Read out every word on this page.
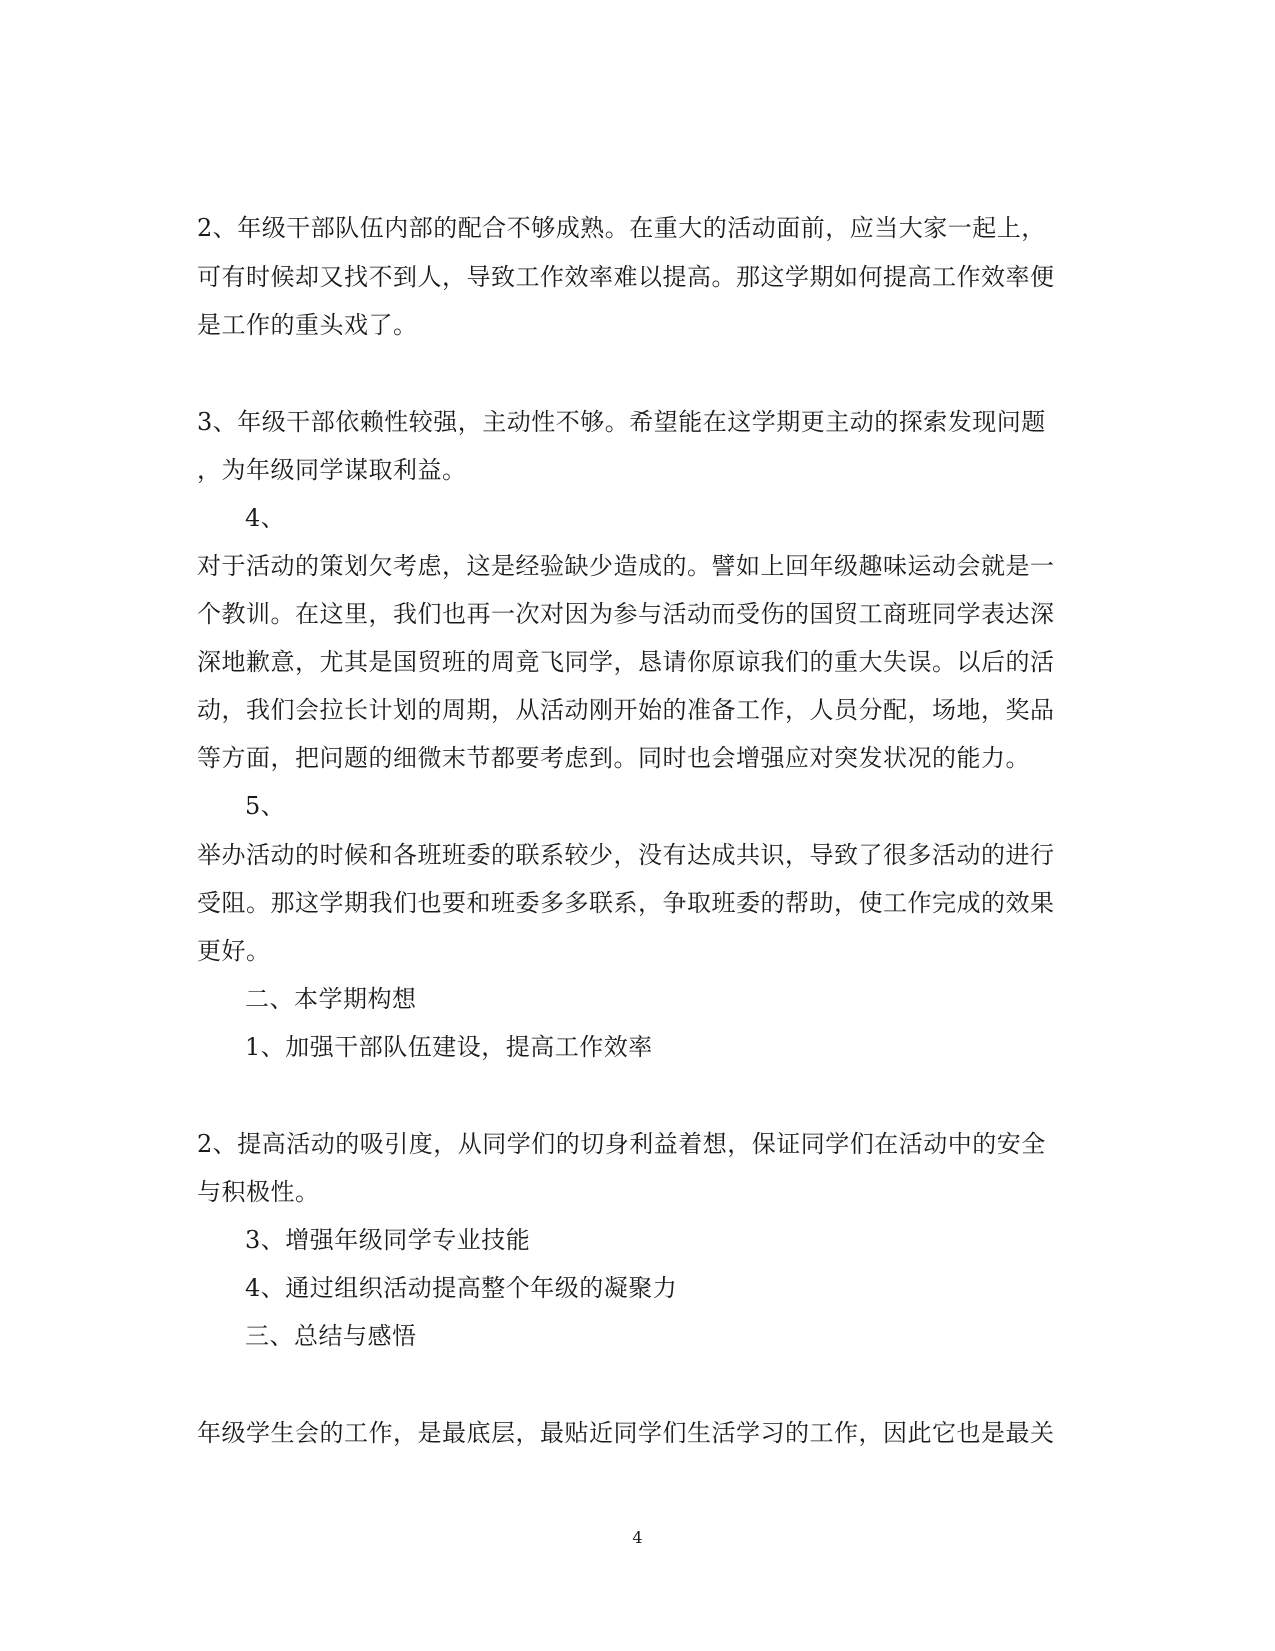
2、年级干部队伍内部的配合不够成熟。在重大的活动面前，应当大家一起上，
可有时候却又找不到人，导致工作效率难以提高。那这学期如何提高工作效率便
是工作的重头戏了。
3、年级干部依赖性较强，主动性不够。希望能在这学期更主动的探索发现问题
，为年级同学谋取利益。
4、
对于活动的策划欠考虑，这是经验缺少造成的。譬如上回年级趣味运动会就是一
个教训。在这里，我们也再一次对因为参与活动而受伤的国贸工商班同学表达深
深地歉意，尤其是国贸班的周竟飞同学，恳请你原谅我们的重大失误。以后的活
动，我们会拉长计划的周期，从活动刚开始的准备工作，人员分配，场地，奖品
等方面，把问题的细微末节都要考虑到。同时也会增强应对突发状况的能力。
5、
举办活动的时候和各班班委的联系较少，没有达成共识，导致了很多活动的进行
受阻。那这学期我们也要和班委多多联系，争取班委的帮助，使工作完成的效果
更好。
二、本学期构想
1、加强干部队伍建设，提高工作效率
2、提高活动的吸引度，从同学们的切身利益着想，保证同学们在活动中的安全
与积极性。
3、增强年级同学专业技能
4、通过组织活动提高整个年级的凝聚力
三、总结与感悟
年级学生会的工作，是最底层，最贴近同学们生活学习的工作，因此它也是最关
4
